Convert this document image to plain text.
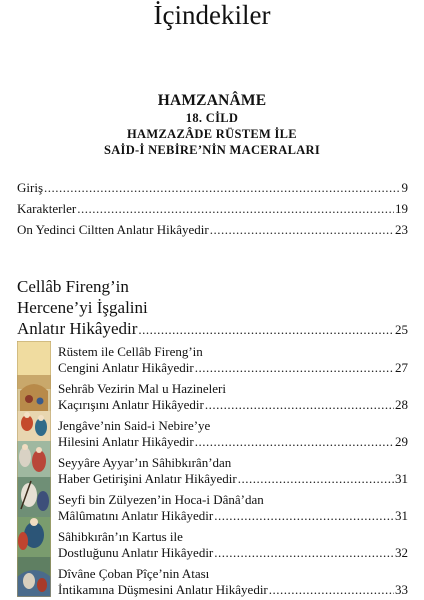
İçindekiler
HAMZANÂME
18. CİLD
HAMZAZÂDE RÜSTEM İLE
SAİD-İ NEBİRE’NİN MACERALARI
Giriş .....	9
Karakterler .....	19
On Yedinci Ciltten Anlatır Hikâyedir .....	23
Cellâb Fireng’in
Hercene’yi İşgalini
Anlatır Hikâyedir .....	25
Rüstem ile Cellâb Fireng’in
Cengini Anlatır Hikâyedir .....	27
Sehrâb Vezirin Mal u Hazineleri
Kaçırışını Anlatır Hikâyedir .....	28
Jengâve’nin Said-i Nebire’ye
Hilesini Anlatır Hikâyedir .....	29
Seyyâre Ayyar’ın Sâhibkırân’dan
Haber Getirişini Anlatır Hikâyedir .....	31
Seyfi bin Zülyezen’in Hoca-i Dânâ’dan
Mâlûmatını Anlatır Hikâyedir .....	31
Sâhibkırân’ın Kartus ile
Dostluğunu Anlatır Hikâyedir .....	32
Dîvâne Çoban Pîçe’nin Atası
İntikamına Düşmesini Anlatır Hikâyedir .....	33
